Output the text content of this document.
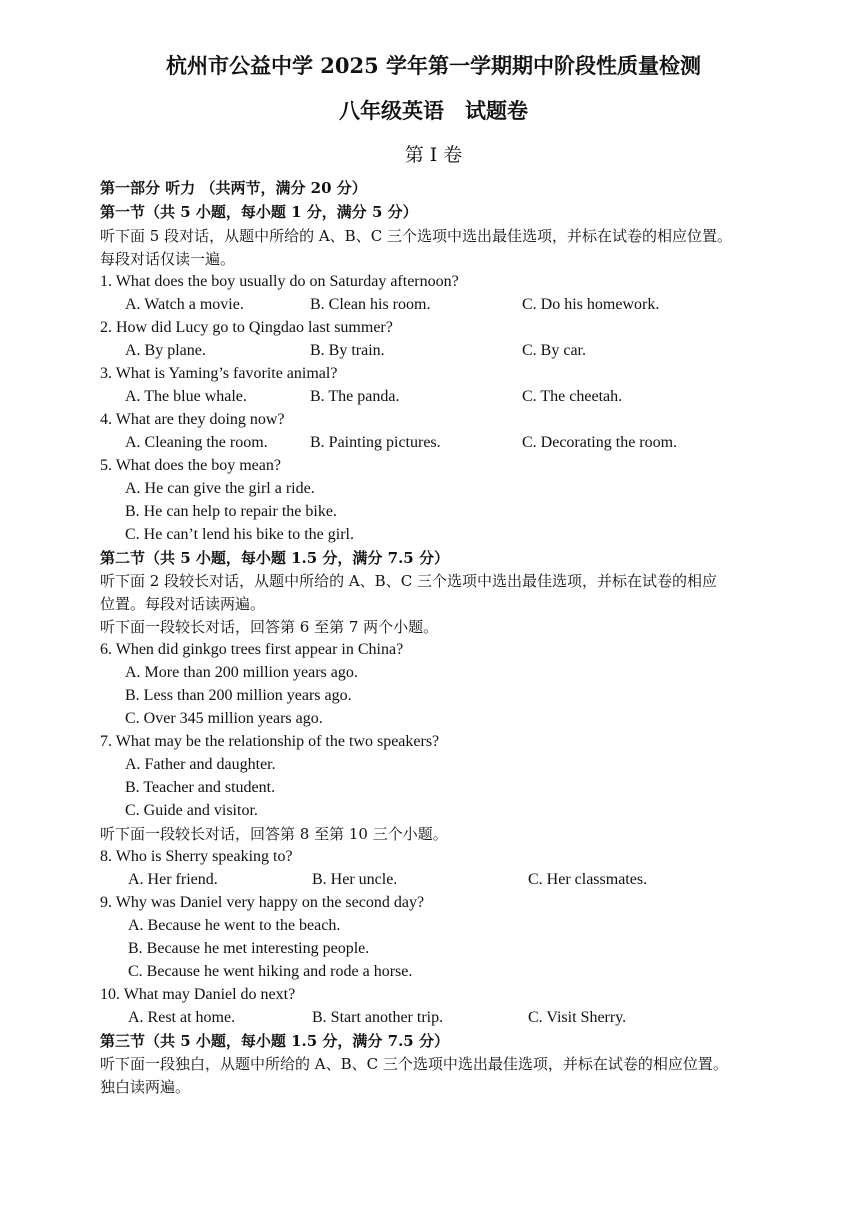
杭州市公益中学 2025 学年第一学期期中阶段性质量检测
八年级英语　试题卷
第 I 卷
第一部分 听力 （共两节，满分 20 分）
第一节（共 5 小题，每小题 1 分，满分 5 分）
听下面 5 段对话，从题中所给的 A、B、C 三个选项中选出最佳选项，并标在试卷的相应位置。
每段对话仅读一遍。
1. What does the boy usually do on Saturday afternoon?
A. Watch a movie.	B. Clean his room.	C. Do his homework.
2. How did Lucy go to Qingdao last summer?
A. By plane.	B. By train.	C. By car.
3. What is Yaming’s favorite animal?
A. The blue whale.	B. The panda.	C. The cheetah.
4. What are they doing now?
A. Cleaning the room.	B. Painting pictures.	C. Decorating the room.
5. What does the boy mean?
A. He can give the girl a ride.
B. He can help to repair the bike.
C. He can’t lend his bike to the girl.
第二节（共 5 小题，每小题 1.5 分，满分 7.5 分）
听下面 2 段较长对话，从题中所给的 A、B、C 三个选项中选出最佳选项，并标在试卷的相应
位置。每段对话读两遍。
听下面一段较长对话，回答第 6 至第 7 两个小题。
6. When did ginkgo trees first appear in China?
A. More than 200 million years ago.
B. Less than 200 million years ago.
C. Over 345 million years ago.
7. What may be the relationship of the two speakers?
A. Father and daughter.
B. Teacher and student.
C. Guide and visitor.
听下面一段较长对话，回答第 8 至第 10 三个小题。
8. Who is Sherry speaking to?
A. Her friend.	B. Her uncle.	C. Her classmates.
9. Why was Daniel very happy on the second day?
A. Because he went to the beach.
B. Because he met interesting people.
C. Because he went hiking and rode a horse.
10. What may Daniel do next?
A. Rest at home.	B. Start another trip.	C. Visit Sherry.
第三节（共 5 小题，每小题 1.5 分，满分 7.5 分）
听下面一段独白，从题中所给的 A、B、C 三个选项中选出最佳选项，并标在试卷的相应位置。
独白读两遍。
